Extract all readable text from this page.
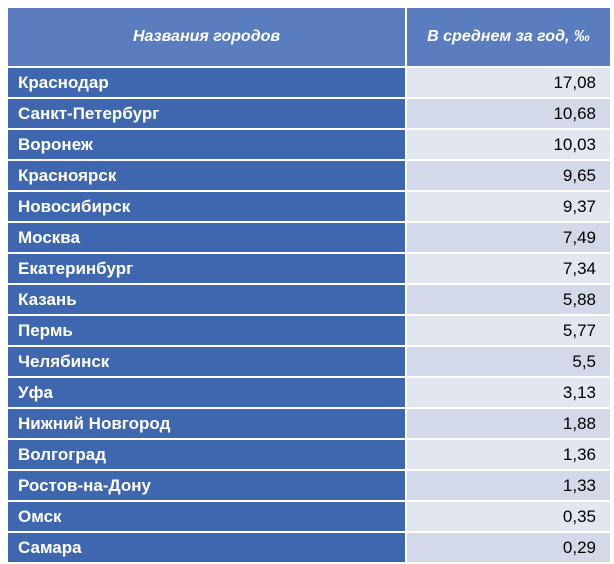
Названия городов	В среднем за год, ‰
Краснодар	17,08
Санкт-Петербург	10,68
Воронеж	10,03
Красноярск	9,65
Новосибирск	9,37
Москва	7,49
Екатеринбург	7,34
Казань	5,88
Пермь	5,77
Челябинск	5,5
Уфа	3,13
Нижний Новгород	1,88
Волгоград	1,36
Ростов-на-Дону	1,33
Омск	0,35
Самара	0,29
